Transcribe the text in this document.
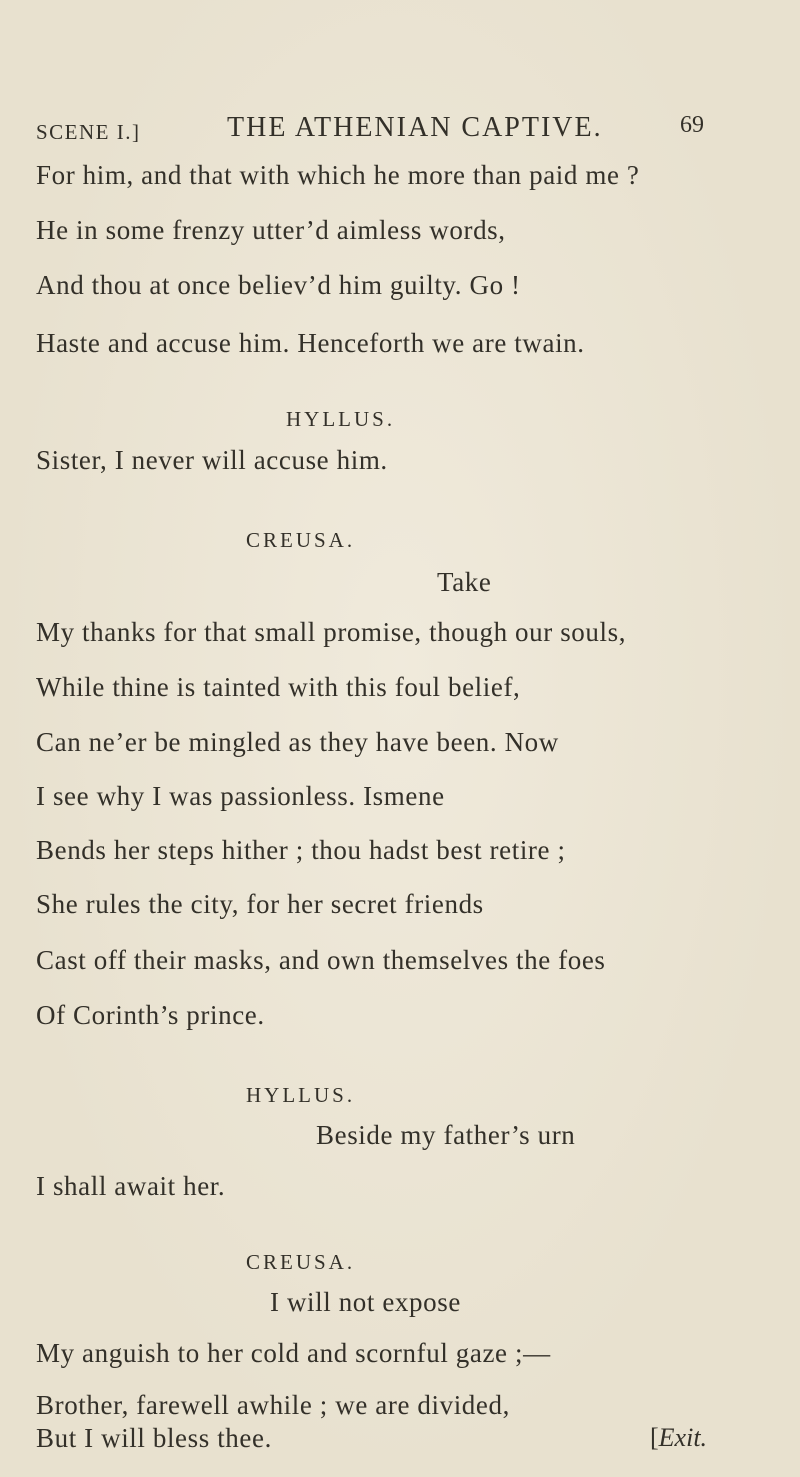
SCENE I.]	THE ATHENIAN CAPTIVE.	69
For him, and that with which he more than paid me ?
He in some frenzy utter’d aimless words,
And thou at once believ’d him guilty. Go !
Haste and accuse him. Henceforth we are twain.
HYLLUS.
Sister, I never will accuse him.
CREUSA.
Take
My thanks for that small promise, though our souls,
While thine is tainted with this foul belief,
Can ne’er be mingled as they have been. Now
I see why I was passionless. Ismene
Bends her steps hither ; thou hadst best retire ;
She rules the city, for her secret friends
Cast off their masks, and own themselves the foes
Of Corinth’s prince.
HYLLUS.
Beside my father’s urn
I shall await her.
CREUSA.
I will not expose
My anguish to her cold and scornful gaze ;—
Brother, farewell awhile ; we are divided,
But I will bless thee.	[Exit.
